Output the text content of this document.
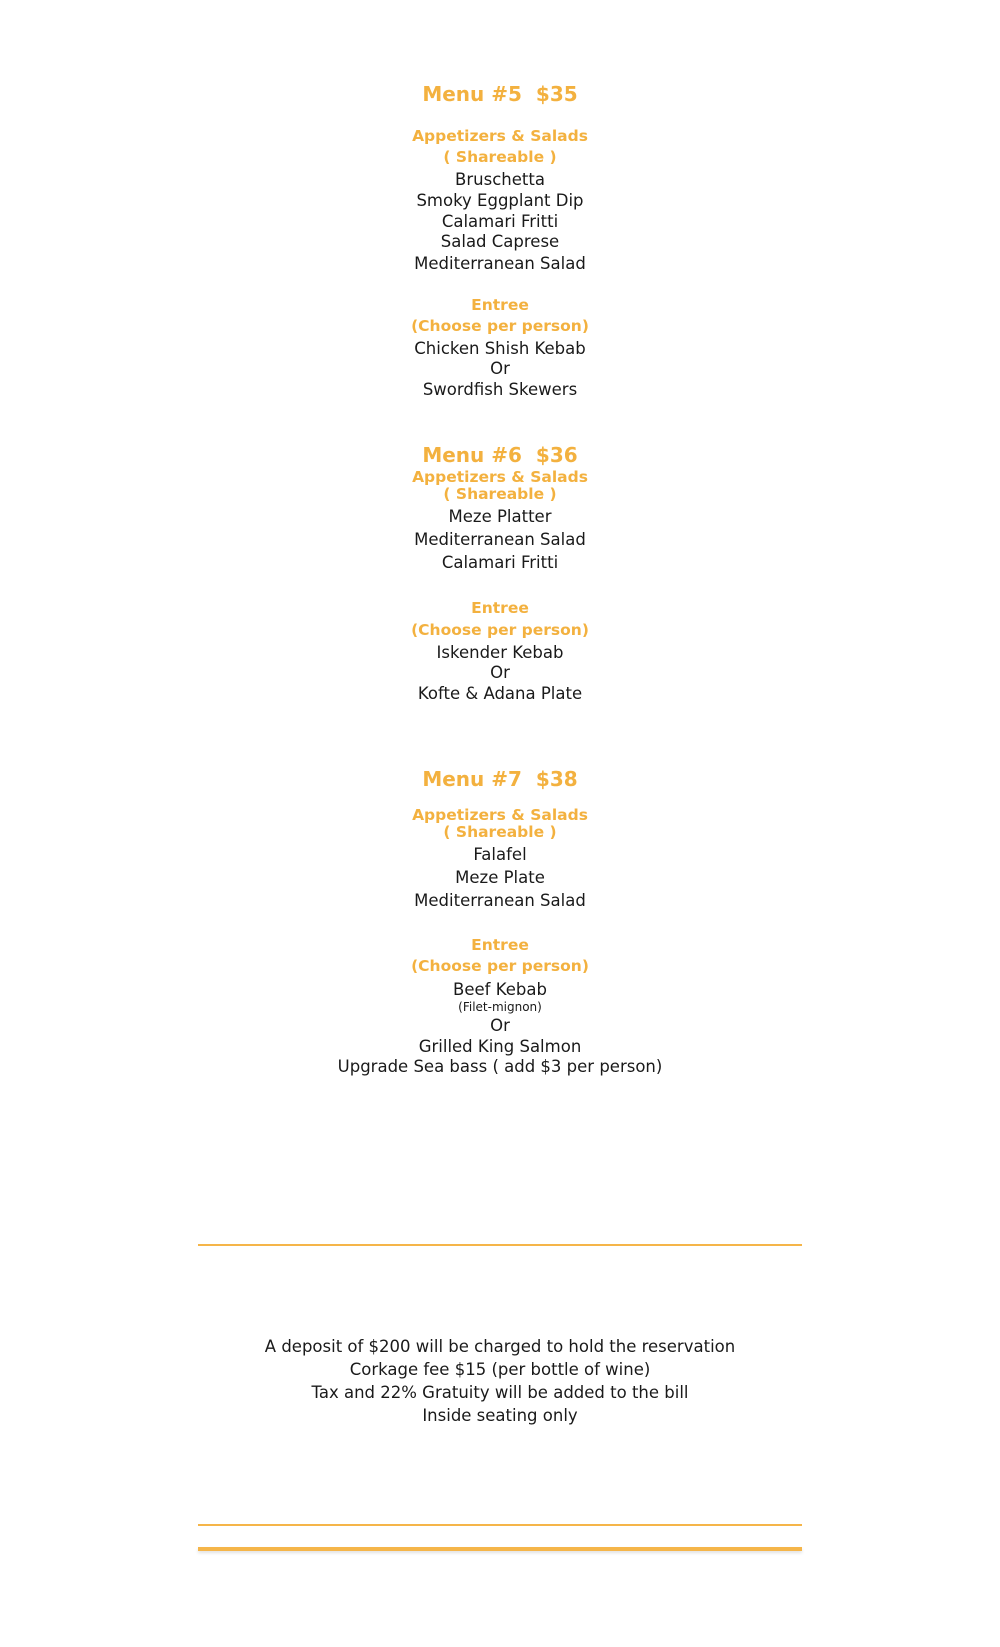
Menu #5 $35
Appetizers & Salads
( Shareable )
Bruschetta
Smoky Eggplant Dip
Calamari Fritti
Salad Caprese
Mediterranean Salad
Entree
(Choose per person)
Chicken Shish Kebab
Or
Swordfish Skewers
Menu #6 $36
Appetizers & Salads
( Shareable )
Meze Platter
Mediterranean Salad
Calamari Fritti
Entree
(Choose per person)
Iskender Kebab
Or
Kofte & Adana Plate
Menu #7 $38
Appetizers & Salads
( Shareable )
Falafel
Meze Plate
Mediterranean Salad
Entree
(Choose per person)
Beef Kebab
(Filet-mignon)
Or
Grilled King Salmon
Upgrade Sea bass ( add $3 per person)
A deposit of $200 will be charged to hold the reservation
Corkage fee $15 (per bottle of wine)
Tax and 22% Gratuity will be added to the bill
Inside seating only
